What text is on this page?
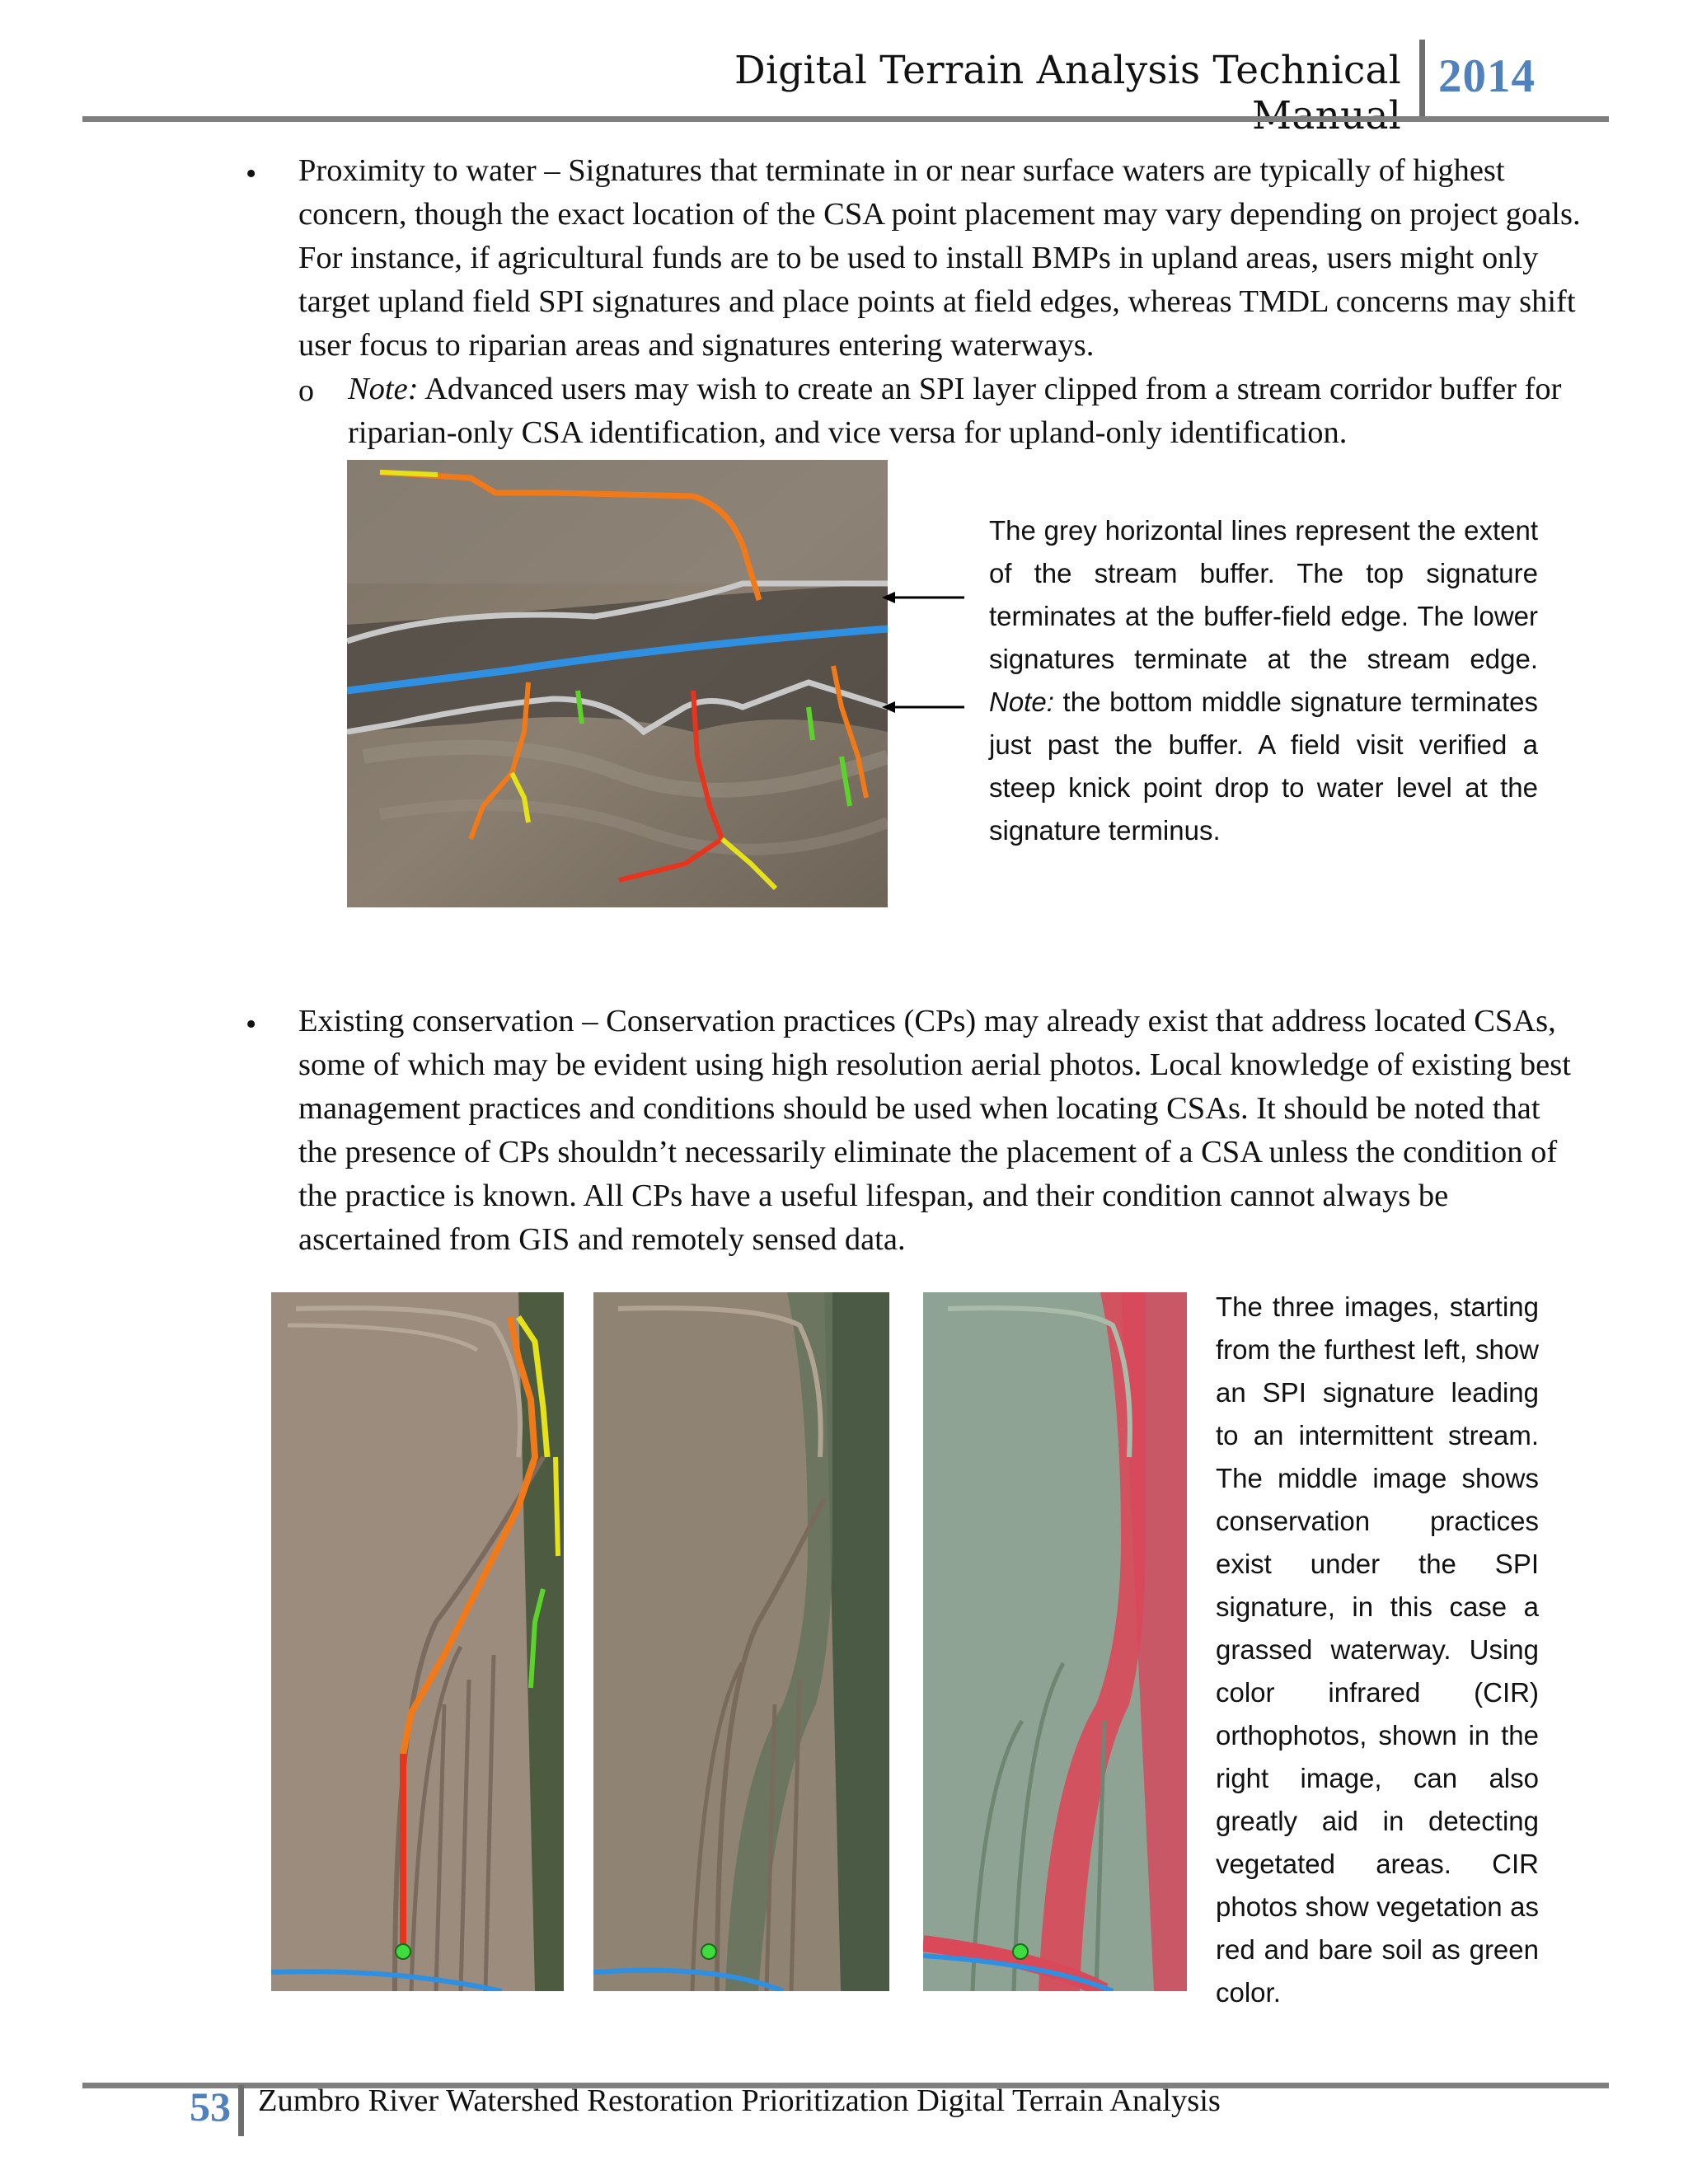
Digital Terrain Analysis Technical 2014
• Proximity to water – Signatures that terminate in or near surface waters are typically of highest concern, though the exact location of the CSA point placement may vary depending on project goals. For instance, if agricultural funds are to be used to install BMPs in upland areas, users might only target upland field SPI signatures and place points at field edges, whereas TMDL concerns may shift user focus to riparian areas and signatures entering waterways.
o Note: Advanced users may wish to create an SPI layer clipped from a stream corridor buffer for riparian-only CSA identification, and vice versa for upland-only identification.
The grey horizontal lines represent the extent of the stream buffer. The top signature terminates at the buffer-field edge. The lower signatures terminate at the stream edge. Note: the bottom middle signature terminates just past the buffer. A field visit verified a steep knick point drop to water level at the signature terminus.
• Existing conservation – Conservation practices (CPs) may already exist that address located CSAs, some of which may be evident using high resolution aerial photos. Local knowledge of existing best management practices and conditions should be used when locating CSAs. It should be noted that the presence of CPs shouldn’t necessarily eliminate the placement of a CSA unless the condition of the practice is known. All CPs have a useful lifespan, and their condition cannot always be ascertained from GIS and remotely sensed data.
The three images, starting from the furthest left, show an SPI signature leading to an intermittent stream. The middle image shows conservation practices exist under the SPI signature, in this case a grassed waterway. Using color infrared (CIR) orthophotos, shown in the right image, can also greatly aid in detecting vegetated areas. CIR photos show vegetation as red and bare soil as green color.
53 Zumbro River Watershed Restoration Prioritization Digital Terrain Analysis
